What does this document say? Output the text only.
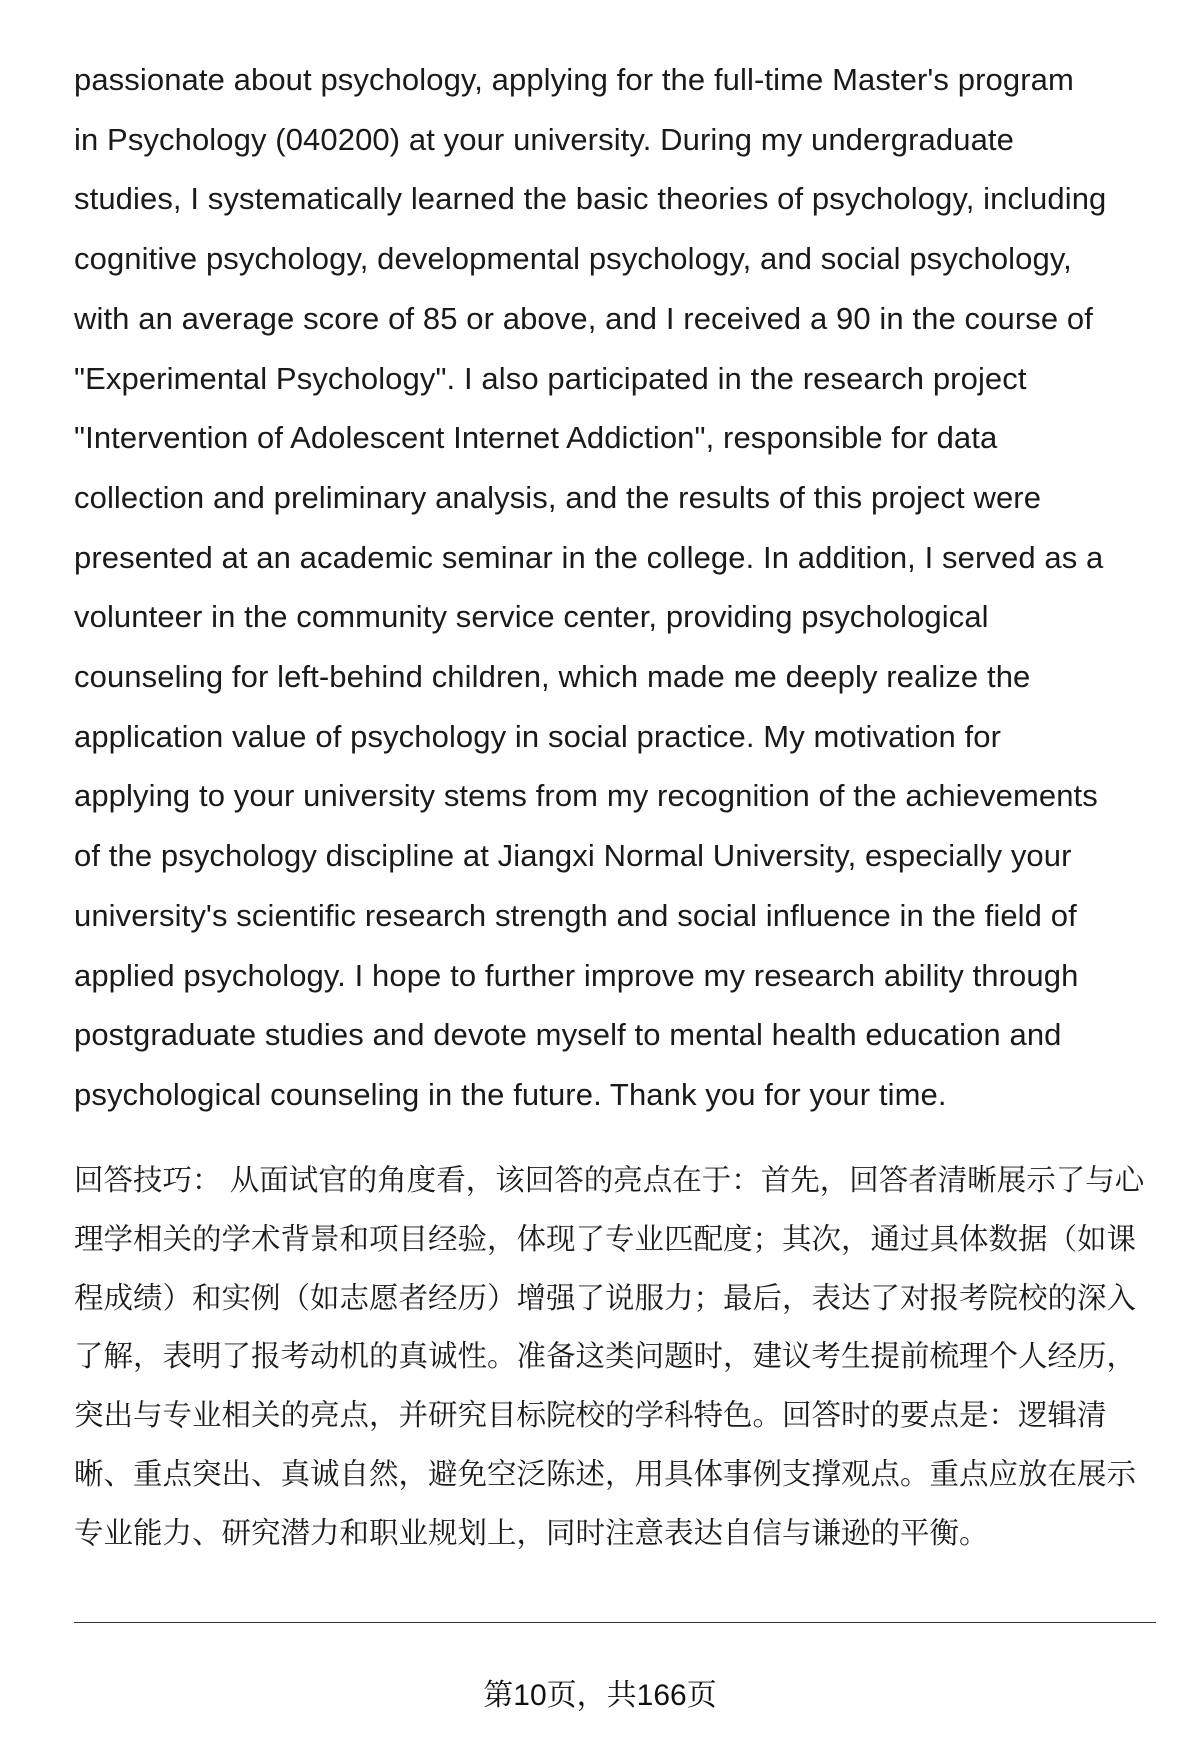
passionate about psychology, applying for the full-time Master's program
in Psychology (040200) at your university. During my undergraduate
studies, I systematically learned the basic theories of psychology, including
cognitive psychology, developmental psychology, and social psychology,
with an average score of 85 or above, and I received a 90 in the course of
"Experimental Psychology". I also participated in the research project
"Intervention of Adolescent Internet Addiction", responsible for data
collection and preliminary analysis, and the results of this project were
presented at an academic seminar in the college. In addition, I served as a
volunteer in the community service center, providing psychological
counseling for left-behind children, which made me deeply realize the
application value of psychology in social practice. My motivation for
applying to your university stems from my recognition of the achievements
of the psychology discipline at Jiangxi Normal University, especially your
university's scientific research strength and social influence in the field of
applied psychology. I hope to further improve my research ability through
postgraduate studies and devote myself to mental health education and
psychological counseling in the future. Thank you for your time.
回答技巧： 从面试官的角度看，该回答的亮点在于：首先，回答者清晰展示了与心
理学相关的学术背景和项目经验，体现了专业匹配度；其次，通过具体数据（如课
程成绩）和实例（如志愿者经历）增强了说服力；最后，表达了对报考院校的深入
了解，表明了报考动机的真诚性。准备这类问题时，建议考生提前梳理个人经历，
突出与专业相关的亮点，并研究目标院校的学科特色。回答时的要点是：逻辑清
晰、重点突出、真诚自然，避免空泛陈述，用具体事例支撑观点。重点应放在展示
专业能力、研究潜力和职业规划上，同时注意表达自信与谦逊的平衡。
第10页，共166页
